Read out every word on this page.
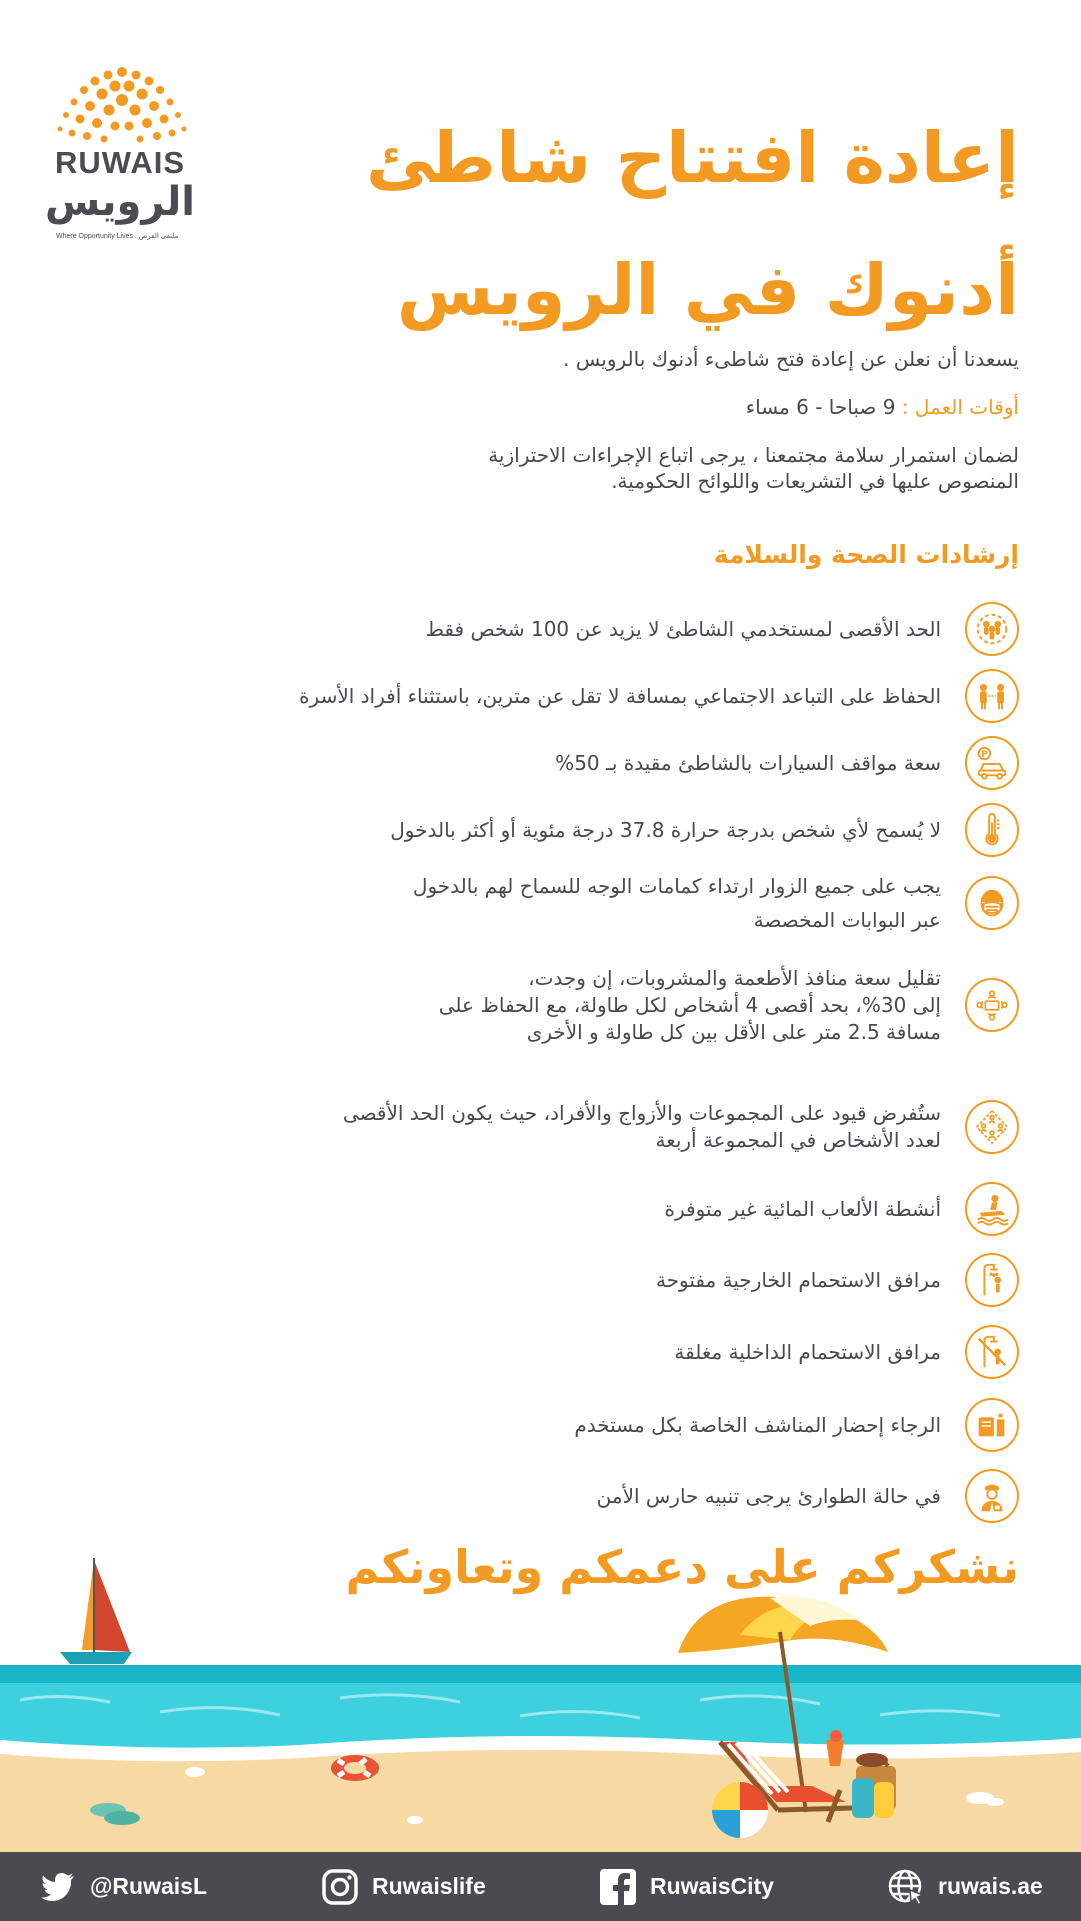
RUWAIS
الرويس
Where Opportunity Lives . ملتقى الفرص
إعادة افتتاح شاطئ
أدنوك في الرويس

يسعدنا أن نعلن عن إعادة فتح شاطىء أدنوك بالرويس .

أوقات العمل : 9 صباحا - 6 مساء

لضمان استمرار سلامة مجتمعنا ، يرجى اتباع الإجراءات الاحترازية
المنصوص عليها في التشريعات واللوائح الحكومية.

إرشادات الصحة والسلامة
الحد الأقصى لمستخدمي الشاطئ لا يزيد عن 100 شخص فقط
الحفاظ على التباعد الاجتماعي بمسافة لا تقل عن مترين، باستثناء أفراد الأسرة
P
سعة مواقف السيارات بالشاطئ مقيدة بـ 50%
لا يُسمح لأي شخص بدرجة حرارة 37.8 درجة مئوية أو أكثر بالدخول
يجب على جميع الزوار ارتداء كمامات الوجه للسماح لهم بالدخول
عبر البوابات المخصصة
تقليل سعة منافذ الأطعمة والمشروبات، إن وجدت،
إلى 30%، بحد أقصى 4 أشخاص لكل طاولة، مع الحفاظ على
مسافة 2.5 متر على الأقل بين كل طاولة و الأخرى
ستُفرض قيود على المجموعات والأزواج والأفراد، حيث يكون الحد الأقصى
لعدد الأشخاص في المجموعة أربعة
أنشطة الألعاب المائية غير متوفرة
مرافق الاستحمام الخارجية مفتوحة
مرافق الاستحمام الداخلية مغلقة
الرجاء إحضار المناشف الخاصة بكل مستخدم
في حالة الطوارئ يرجى تنبيه حارس الأمن
نشكركم على دعمكم وتعاونكم
@RuwaisL	Ruwaislife	RuwaisCity	ruwais.ae
